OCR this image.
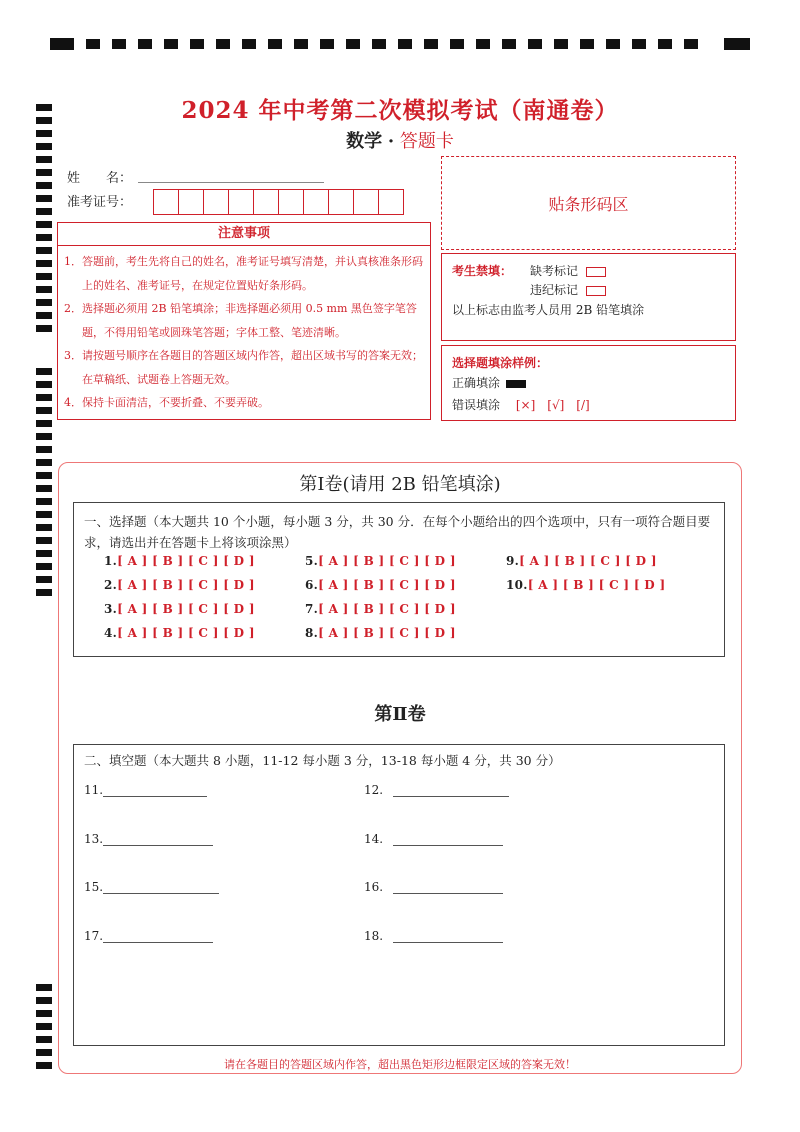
2024 年中考第二次模拟考试（南通卷）
数学 · 答题卡
姓　　名：
准考证号：	贴条形码区
注意事项
1．答题前，考生先将自己的姓名，准考证号填写清楚，并认真核准条形码上的姓名、准考证号，在规定位置贴好条形码。
2．选择题必须用 2B 铅笔填涂；非选择题必须用 0.5 mm 黑色签字笔答题，不得用铅笔或圆珠笔答题；字体工整、笔迹清晰。
3．请按题号顺序在各题目的答题区域内作答，超出区域书写的答案无效；在草稿纸、试题卷上答题无效。
4．保持卡面清洁，不要折叠、不要弄破。
考生禁填： 缺考标记
违纪标记
以上标志由监考人员用 2B 铅笔填涂
选择题填涂样例：
正确填涂
错误填涂 [×]　[√]　[/]
第Ⅰ卷(请用 2B 铅笔填涂)
一、选择题（本大题共 10 个小题，每小题 3 分，共 30 分．在每个小题给出的四个选项中，只有一项符合题目要求，请选出并在答题卡上将该项涂黑）
1.[ A ] [ B ] [ C ] [ D ]
2.[ A ] [ B ] [ C ] [ D ]
3.[ A ] [ B ] [ C ] [ D ]
4.[ A ] [ B ] [ C ] [ D ]
5.[ A ] [ B ] [ C ] [ D ]
6.[ A ] [ B ] [ C ] [ D ]
7.[ A ] [ B ] [ C ] [ D ]
8.[ A ] [ B ] [ C ] [ D ]
9.[ A ] [ B ] [ C ] [ D ]
10.[ A ] [ B ] [ C ] [ D ]
第Ⅱ卷
二、填空题（本大题共 8 小题，11-12 每小题 3 分，13-18 每小题 4 分，共 30 分）
11.	12.
13.	14.
15.	16.
17.	18.
请在各题目的答题区域内作答，超出黑色矩形边框限定区域的答案无效！
